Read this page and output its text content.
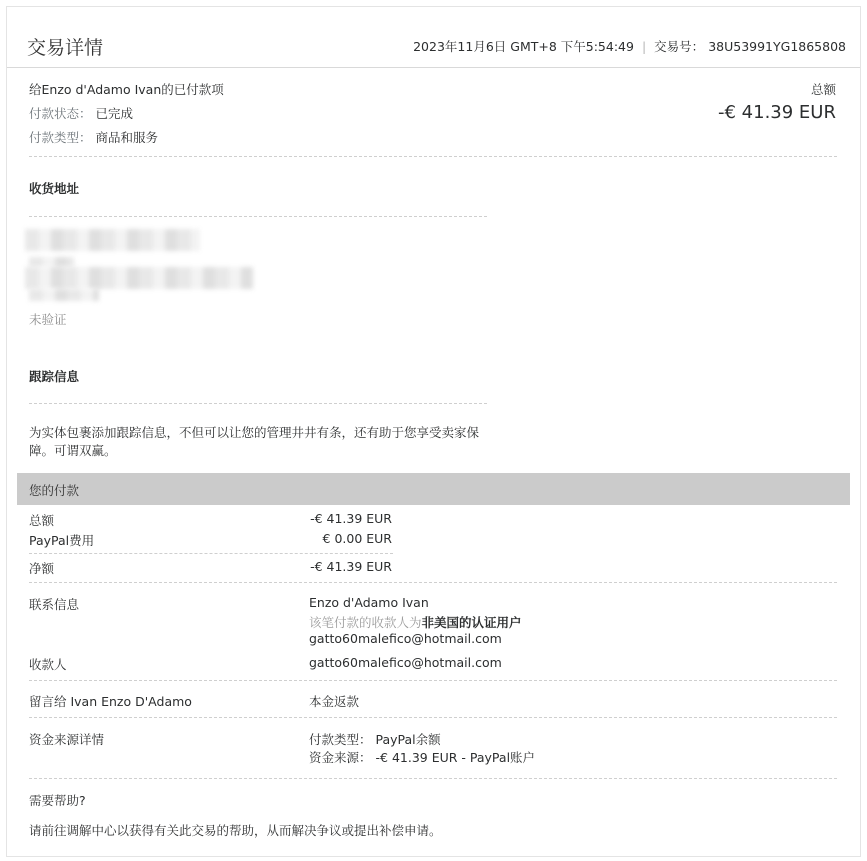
交易详情	2023年11月6日 GMT+8 下午5:54:49 | 交易号： 38U53991YG1865808
给Enzo d'Adamo Ivan的已付款项
付款状态： 已完成
付款类型： 商品和服务
总额
-€ 41.39 EUR
收货地址
未验证
跟踪信息
为实体包裹添加跟踪信息，不但可以让您的管理井井有条，还有助于您享受卖家保
障。可谓双赢。
您的付款
总额	-€ 41.39 EUR
PayPal费用	€ 0.00 EUR
净额	-€ 41.39 EUR
联系信息	Enzo d'Adamo Ivan
该笔付款的收款人为非美国的认证用户
gatto60malefico@hotmail.com
收款人	gatto60malefico@hotmail.com
留言给 Ivan Enzo D'Adamo	本金返款
资金来源详情	付款类型： PayPal余额
资金来源： -€ 41.39 EUR - PayPal账户
需要帮助?
请前往调解中心以获得有关此交易的帮助，从而解决争议或提出补偿申请。
